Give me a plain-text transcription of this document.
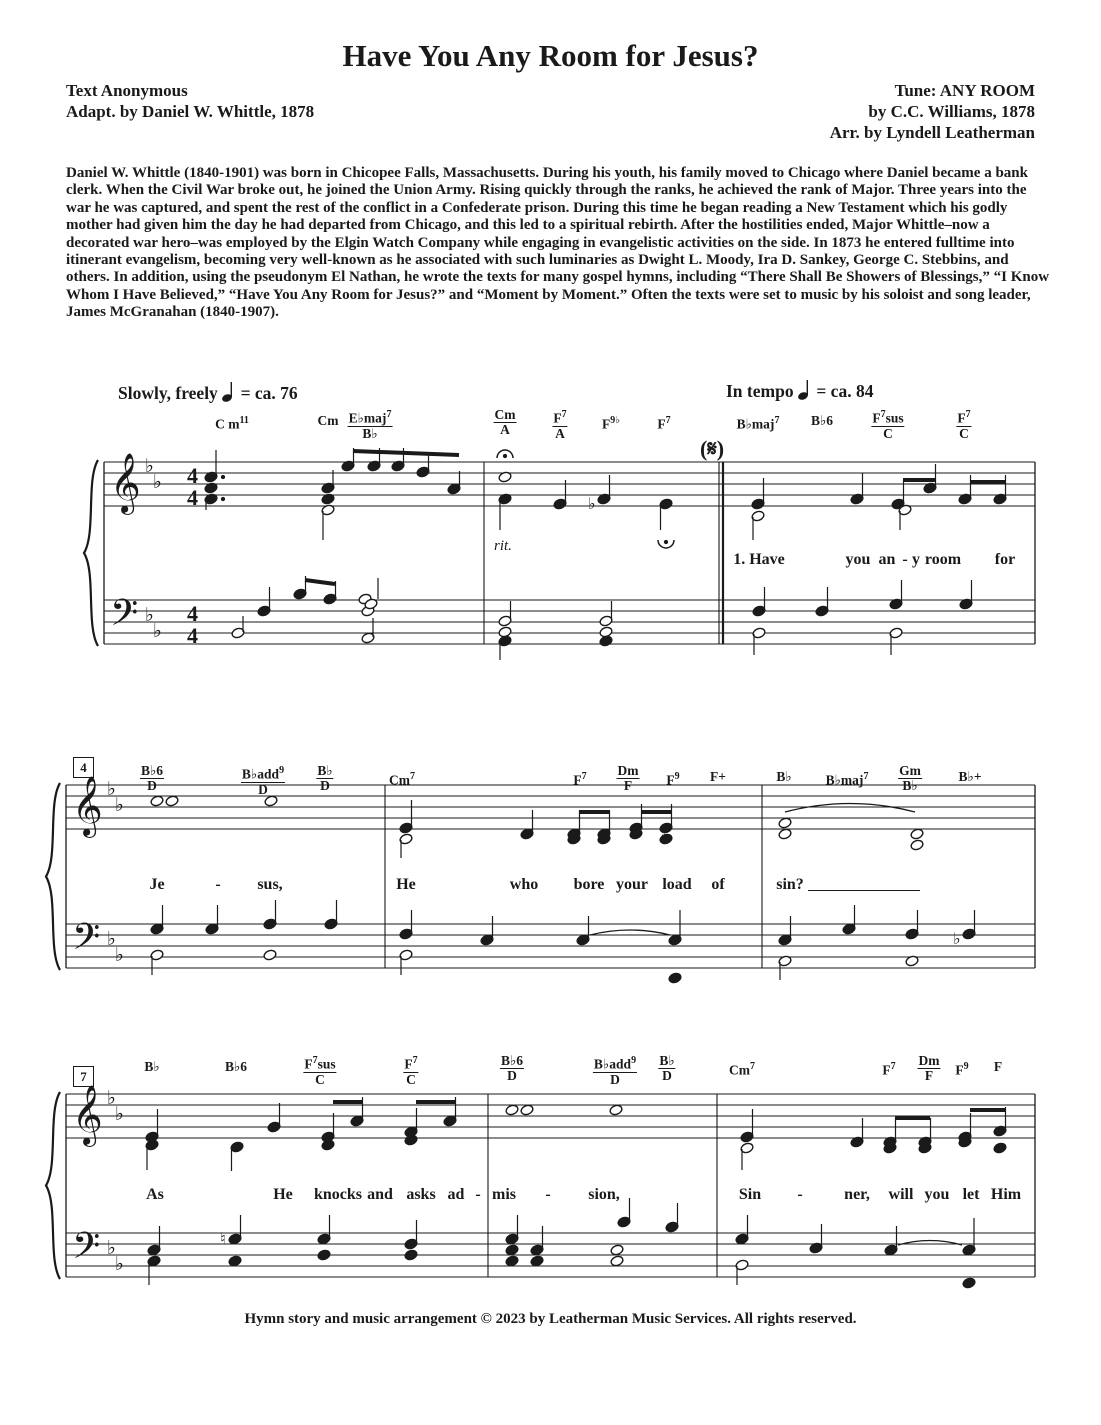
Have You Any Room for Jesus?
Text Anonymous
Adapt. by Daniel W. Whittle, 1878
Tune: ANY ROOM
by C.C. Williams, 1878
Arr. by Lyndell Leatherman
Daniel W. Whittle (1840-1901) was born in Chicopee Falls, Massachusetts. During his youth, his family moved to Chicago where Daniel became a bank clerk. When the Civil War broke out, he joined the Union Army. Rising quickly through the ranks, he achieved the rank of Major. Three years into the war he was captured, and spent the rest of the conflict in a Confederate prison. During this time he began reading a New Testament which his godly mother had given him the day he had departed from Chicago, and this led to a spiritual rebirth. After the hostilities ended, Major Whittle–now a decorated war hero–was employed by the Elgin Watch Company while engaging in evangelistic activities on the side. In 1873 he entered fulltime into itinerant evangelism, becoming very well-known as he associated with such luminaries as Dwight L. Moody, Ira D. Sankey, George C. Stebbins, and others. In addition, using the pseudonym El Nathan, he wrote the texts for many gospel hymns, including “There Shall Be Showers of Blessings,” “I Know Whom I Have Believed,” “Have You Any Room for Jesus?” and “Moment by Moment.” Often the texts were set to music by his soloist and song leader, James McGranahan (1840-1907).
Slowly, freely = ca. 76	In tempo = ca. 84
(𝄋)
rit.
C $m^{11}$	Cm $\frac{E♭maj^7}{B♭}$	$\frac{Cm}{A}$	$\frac{F^7}{A}$	$F^{9♭}$	$F^7$	B♭maj$^7$ B♭6	$\frac{F^7sus}{C}$	$\frac{F^7}{C}$
$\frac{B♭6}{D}$	$\frac{B♭add^9}{D} \frac{B♭}{D}$	Cm$^7$	$F^7 \frac{Dm}{F} F^9$ F+	B♭	B♭maj$^7$ $\frac{Gm}{B♭}$	B♭+
B♭	B♭6	$\frac{F^7sus}{C}$	$\frac{F^7}{C}$	$\frac{B♭6}{D}$	$\frac{B♭add^9}{D} \frac{B♭}{D}$	Cm$^7$	$F^7 \frac{Dm}{F} F^9$ F
1. Have	you an - y room for
Je	- sus,	He	who bore your load of	sin?
As	He knocks and asks ad - mis - sion,	Sin -	ner, will you let Him
4
7
𝄞
𝄢
♭
♭
♭
♭
𝄞
𝄢
♭
♭
♭
♭
𝄞
𝄢
♭
♭
♭
♭
4
4
4
4
♮
♭
♯
♭
Hymn story and music arrangement © 2023 by Leatherman Music Services. All rights reserved.
